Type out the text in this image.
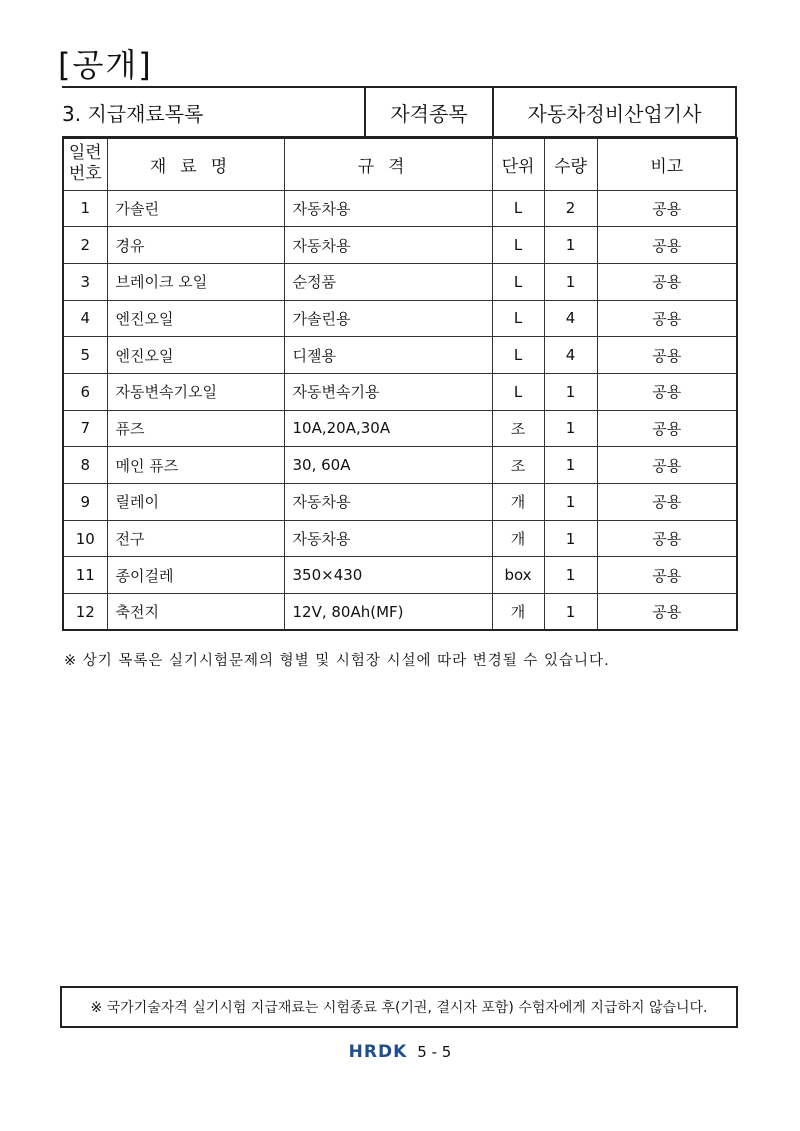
[공개]
3. 지급재료목록	자격종목	자동차정비산업기사
일련
번호	재료명	규격	단위	수량	비고
1	가솔린	자동차용	L	2	공용
2	경유	자동차용	L	1	공용
3	브레이크 오일	순정품	L	1	공용
4	엔진오일	가솔린용	L	4	공용
5	엔진오일	디젤용	L	4	공용
6	자동변속기오일	자동변속기용	L	1	공용
7	퓨즈	10A,20A,30A	조	1	공용
8	메인 퓨즈	30, 60A	조	1	공용
9	릴레이	자동차용	개	1	공용
10	전구	자동차용	개	1	공용
11	종이걸레	350×430	box	1	공용
12	축전지	12V, 80Ah(MF)	개	1	공용
※ 상기 목록은 실기시험문제의 형별 및 시험장 시설에 따라 변경될 수 있습니다.
※ 국가기술자격 실기시험 지급재료는 시험종료 후(기권, 결시자 포함) 수험자에게 지급하지 않습니다.
HRDK 5 - 5
